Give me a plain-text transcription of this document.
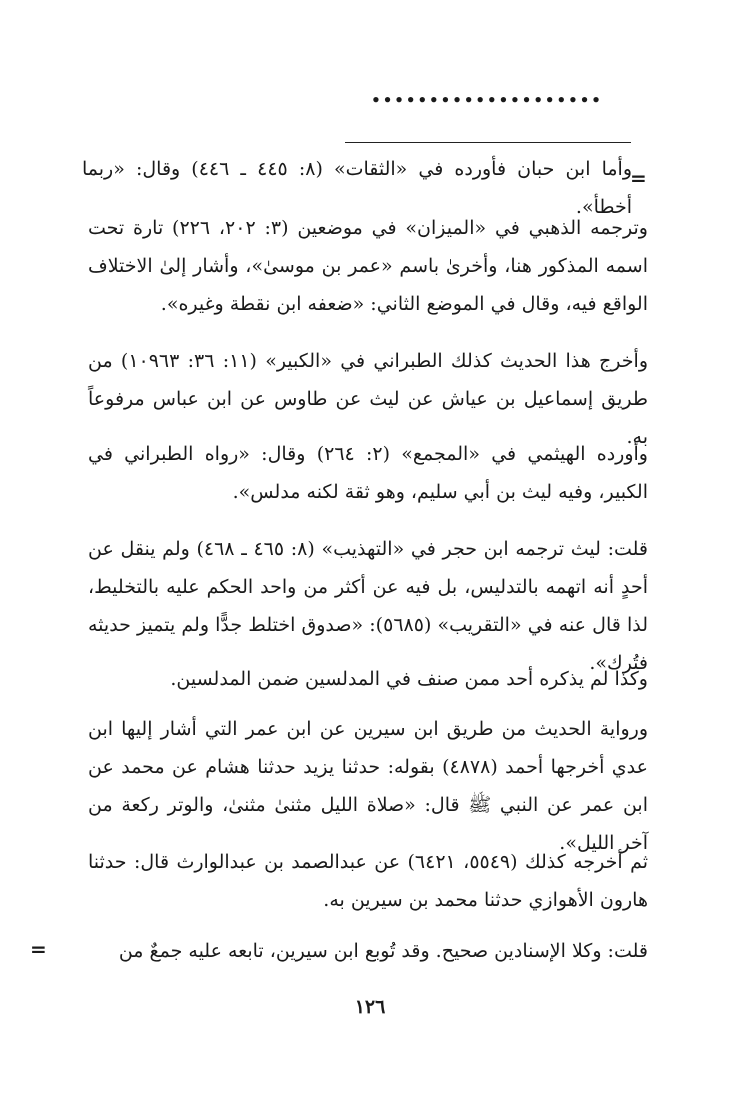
••••••••••••••••••••
=

وأما ابن حبان فأورده في «الثقات» (٨: ٤٤٥ ـ ٤٤٦) وقال: «ربما أخطأ».

وترجمه الذهبي في «الميزان» في موضعين (٣: ٢٠٢، ٢٢٦) تارة تحت اسمه المذكور هنا، وأخرىٰ باسم «عمر بن موسىٰ»، وأشار إلىٰ الاختلاف الواقع فيه، وقال في الموضع الثاني: «ضعفه ابن نقطة وغيره».

وأخرج هذا الحديث كذلك الطبراني في «الكبير» (١١: ٣٦: ١٠٩٦٣) من طريق إسماعيل بن عياش عن ليث عن طاوس عن ابن عباس مرفوعاً به.

وأورده الهيثمي في «المجمع» (٢: ٢٦٤) وقال: «رواه الطبراني في الكبير، وفيه ليث بن أبي سليم، وهو ثقة لكنه مدلس».

قلت: ليث ترجمه ابن حجر في «التهذيب» (٨: ٤٦٥ ـ ٤٦٨) ولم ينقل عن أحدٍ أنه اتهمه بالتدليس، بل فيه عن أكثر من واحد الحكم عليه بالتخليط، لذا قال عنه في «التقريب» (٥٦٨٥): «صدوق اختلط جدًّا ولم يتميز حديثه فتُرك».

وكذا لم يذكره أحد ممن صنف في المدلسين ضمن المدلسين.

ورواية الحديث من طريق ابن سيرين عن ابن عمر التي أشار إليها ابن عدي أخرجها أحمد (٤٨٧٨) بقوله: حدثنا يزيد حدثنا هشام عن محمد عن ابن عمر عن النبي ﷺ قال: «صلاة الليل مثنىٰ مثنىٰ، والوتر ركعة من آخر الليل».

ثم أخرجه كذلك (٥٥٤٩، ٦٤٢١) عن عبدالصمد بن عبدالوارث قال: حدثنا هارون الأهوازي حدثنا محمد بن سيرين به.

قلت: وكلا الإسنادين صحيح. وقد تُوبع ابن سيرين، تابعه عليه جمعٌ من

=
١٢٦
